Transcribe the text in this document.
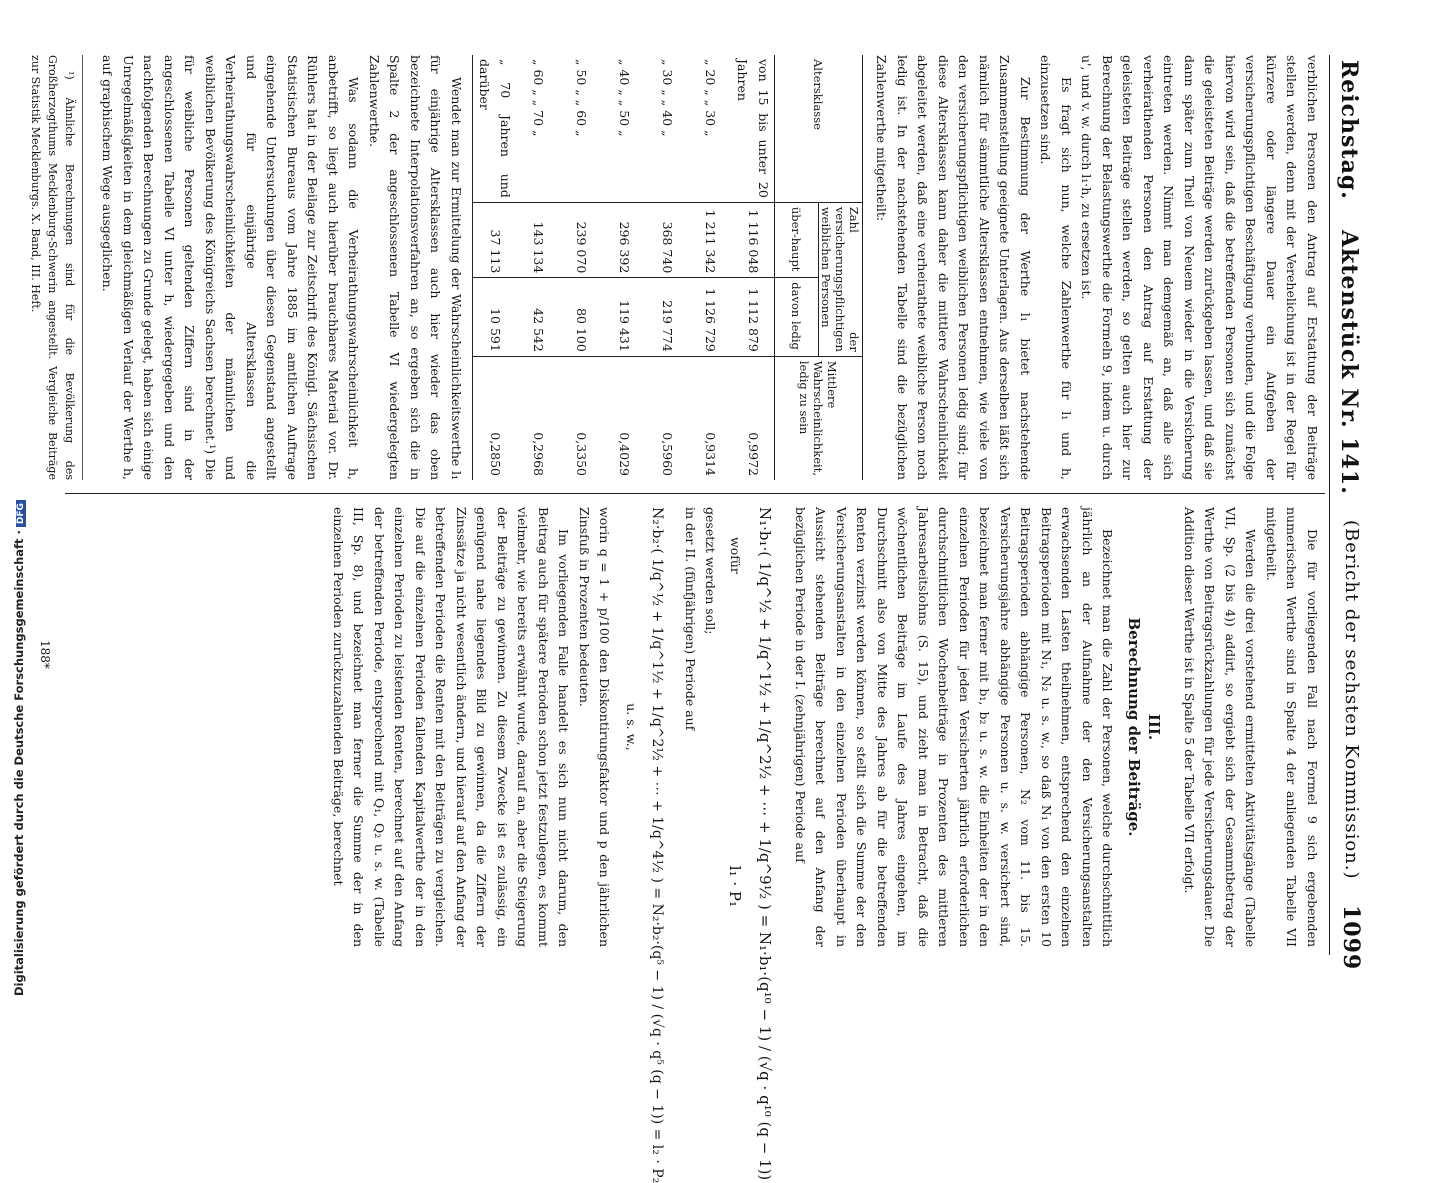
Reichstag.
Aktenstück Nr. 141.
(Bericht der sechsten Kommission.)
1099

verblichen Personen den Antrag auf Erstattung der Beiträge stellen werden, denn mit der Verehelichung ist in der Regel für kürzere oder längere Dauer ein Aufgeben der versicherungspflichtigen Beschäftigung verbunden, und die Folge hiervon wird sein, daß die betreffenden Personen sich zunächst die geleisteten Beiträge werden zurückgeben lassen, und daß sie dann später zum Theil von Neuem wieder in die Versicherung eintreten werden. Nimmt man demgemäß an, daß alle sich verheirathenden Personen den Antrag auf Erstattung der geleisteten Beiträge stellen werden, so gelten auch hier zur Berechnung der Belastungswerthe die Formeln 9, indem u. durch u', und v. w. durch l₁·h, zu ersetzen ist.

Es fragt sich nun, welche Zahlenwerthe für l₁ und h, einzusetzen sind.

Zur Bestimmung der Werthe l₁ bietet nachstehende Zusammenstellung geeignete Unterlagen. Aus derselben läßt sich nämlich für sämmtliche Altersklassen entnehmen, wie viele von den versicherungspflichtigen weiblichen Personen ledig sind; für diese Altersklassen kann daher die mittlere Wahrscheinlichkeit abgeleitet werden, daß eine verheirathete weibliche Person noch ledig ist. In der nachstehenden Tabelle sind die bezüglichen Zahlenwerthe mitgetheilt:

Altersklasse	Zahl der versicherungspflichtigen weiblichen Personen		Mittlere Wahrscheinlichkeit, ledig zu sein
	über-haupt	davon ledig	
von 15 bis unter 20 Jahren	1 116 048	1 112 879	0,9972
„ 20 „ „ 30 „	1 211 342	1 126 729	0,9314
„ 30 „ „ 40 „	368 740	219 774	0,5960
„ 40 „ „ 50 „	296 392	119 431	0,4029
„ 50 „ „ 60 „	239 070	80 100	0,3350
„ 60 „ „ 70 „	143 134	42 542	0,2968
„ 70 Jahren und darüber	37 113	10 591	0,2850

Wendet man zur Ermittelung der Wahrscheinlichkeitswerthe l₁ für einjährige Altersklassen auch hier wieder das oben bezeichnete Interpolationsverfahren an, so ergeben sich die in Spalte 2 der angeschlossenen Tabelle VI wiedergelegten Zahlenwerthe.

Was sodann die Verheirathungswahrscheinlichkeit h, anbetrifft, so liegt auch hierüber brauchbares Material vor. Dr. Rühlers hat in der Beilage zur Zeitschrift des Königl. Sächsischen Statistischen Bureaus vom Jahre 1885 im amtlichen Auftrage eingehende Untersuchungen über diesen Gegenstand angestellt und für einjährige Altersklassen die Verheirathungswahrscheinlichkeiten der männlichen und weiblichen Bevölkerung des Königreichs Sachsen berechnet.¹) Die für weibliche Personen geltenden Ziffern sind in der angeschlossenen Tabelle VI unter h, wiedergegeben und den nachfolgenden Berechnungen zu Grunde gelegt, haben sich einige Unregelmäßigkeiten in dem gleichmäßigen Verlauf der Werthe h, auf graphischem Wege ausgeglichen.

¹) Ähnliche Berechnungen sind für die Bevölkerung des Großherzogthums Mecklenburg-Schwerin angestellt. Vergleiche Beiträge zur Statistik Mecklenburgs. X. Band, III. Heft.

Die für vorliegenden Fall nach Formel 9 sich ergebenden numerischen Werthe sind in Spalte 4 der anliegenden Tabelle VII mitgetheilt.

Werden die drei vorstehend ermittelten Aktivitätsgänge (Tabelle VII, Sp. (2 bis 4)) addirt, so ergiebt sich der Gesammtbetrag der Werthe von Beitragsrückzahlungen für jede Versicherungsdauer. Die Addition dieser Werthe ist in Spalte 5 der Tabelle VII erfolgt.

III.
Berechnung der Beiträge.

Bezeichnet man die Zahl der Personen, welche durchschnittlich jährlich an der Aufnahme der den Versicherungsanstalten erwachsenden Lasten theilnehmen, entsprechend den einzelnen Beitragsperioden mit N₁, N₂ u. s. w., so daß N₁ von den ersten 10 Beitragsperioden abhängige Personen, N₂ vom 11. bis 15. Versicherungsjahre abhängige Personen u. s. w. versichert sind, bezeichnet man ferner mit b₁, b₂ u. s. w. die Einheiten der in den einzelnen Perioden für jeden Versicherten jährlich erforderlichen durchschnittlichen Wochenbeiträge in Prozenten des mittleren Jahresarbeitslohns (S. 15), und zieht man in Betracht, daß die wöchentlichen Beiträge im Laufe des Jahres eingehen, im Durchschnitt also von Mitte des Jahres ab für die betreffenden Renten verzinst werden können, so stellt sich die Summe der den Versicherungsanstalten in den einzelnen Perioden überhaupt in Aussicht stehenden Beiträge berechnet auf den Anfang der bezüglichen Periode in der I. (zehnjährigen) Periode auf

N₁·b₁·( 1/q^½ + 1/q^1½ + 1/q^2½ + ⋯ + 1/q^9½ ) = N₁·b₁·(q¹⁰ − 1) / (√q · q¹⁰ (q − 1))
wofür
l₁ · P₁

gesetzt werden soll;

in der II. (fünfjährigen) Periode auf

N₂·b₂·( 1/q^½ + 1/q^1½ + 1/q^2½ + ⋯ + 1/q^4½ ) = N₂·b₂·(q⁵ − 1) / (√q · q⁵ (q − 1)) = l₂ · P₂
u. s. w.,

worin q = 1 + p/100 den Diskontirungsfaktor und p den jährlichen Zinsfuß in Prozenten bedeuten.

Im vorliegenden Falle handelt es sich nun nicht darum, den Beitrag auch für spätere Perioden schon jetzt festzulegen, es kommt vielmehr, wie bereits erwähnt wurde, darauf an, aber die Steigerung der Beiträge zu gewinnen. Zu diesem Zwecke ist es zulässig, ein genügend nahe liegendes Bild zu gewinnen, da die Ziffern der Zinssätze ja nicht wesentlich ändern, und hierauf auf den Anfang der betreffenden Perioden die Renten mit den Beiträgen zu vergleichen. Die auf die einzelnen Perioden fallenden Kapitalwerthe der in den einzelnen Perioden zu leistenden Renten, berechnet auf den Anfang der betreffenden Periode, entsprechend mit Q₁, Q₂ u. s. w. (Tabelle III, Sp. 8), und bezeichnet man ferner die Summe der in den einzelnen Perioden zurückzuzahlenden Beiträge, berechnet

188*
Digitalisierung gefördert durch die Deutsche Forschungsgemeinschaft ·DFG
